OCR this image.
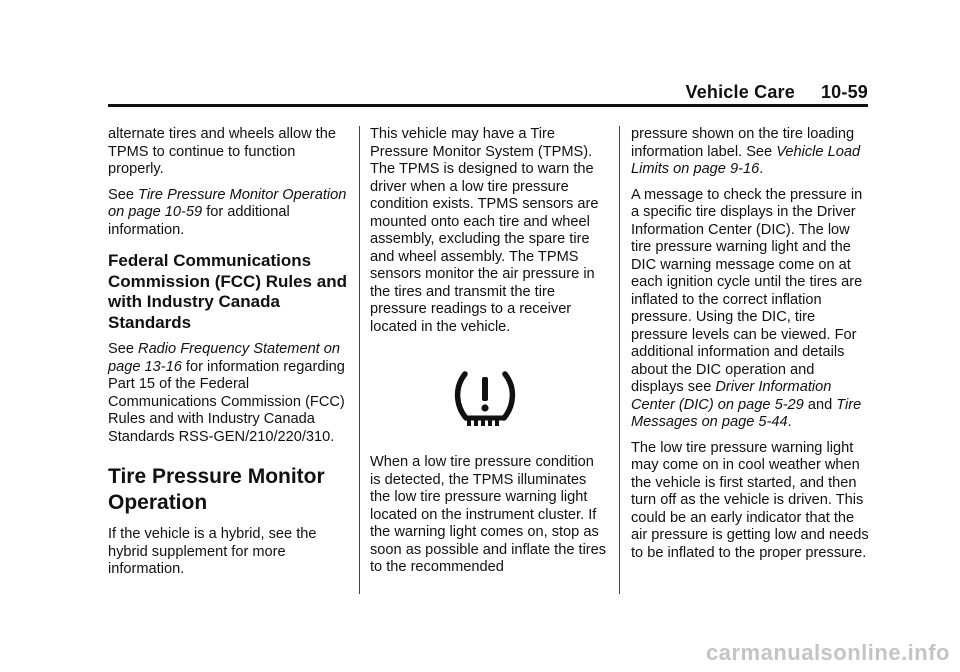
Vehicle Care     10-59

alternate tires and wheels allow the TPMS to continue to function properly.

See Tire Pressure Monitor Operation on page 10-59 for additional information.

Federal Communications Commission (FCC) Rules and with Industry Canada Standards

See Radio Frequency Statement on page 13-16 for information regarding Part 15 of the Federal Communications Commission (FCC) Rules and with Industry Canada Standards RSS-GEN/210/220/310.

Tire Pressure Monitor Operation

If the vehicle is a hybrid, see the hybrid supplement for more information.

This vehicle may have a Tire Pressure Monitor System (TPMS). The TPMS is designed to warn the driver when a low tire pressure condition exists. TPMS sensors are mounted onto each tire and wheel assembly, excluding the spare tire and wheel assembly. The TPMS sensors monitor the air pressure in the tires and transmit the tire pressure readings to a receiver located in the vehicle.

When a low tire pressure condition is detected, the TPMS illuminates the low tire pressure warning light located on the instrument cluster. If the warning light comes on, stop as soon as possible and inflate the tires to the recommended

pressure shown on the tire loading information label. See Vehicle Load Limits on page 9-16.

A message to check the pressure in a specific tire displays in the Driver Information Center (DIC). The low tire pressure warning light and the DIC warning message come on at each ignition cycle until the tires are inflated to the correct inflation pressure. Using the DIC, tire pressure levels can be viewed. For additional information and details about the DIC operation and displays see Driver Information Center (DIC) on page 5-29 and Tire Messages on page 5-44.

The low tire pressure warning light may come on in cool weather when the vehicle is first started, and then turn off as the vehicle is driven. This could be an early indicator that the air pressure is getting low and needs to be inflated to the proper pressure.

carmanualsonline.info
